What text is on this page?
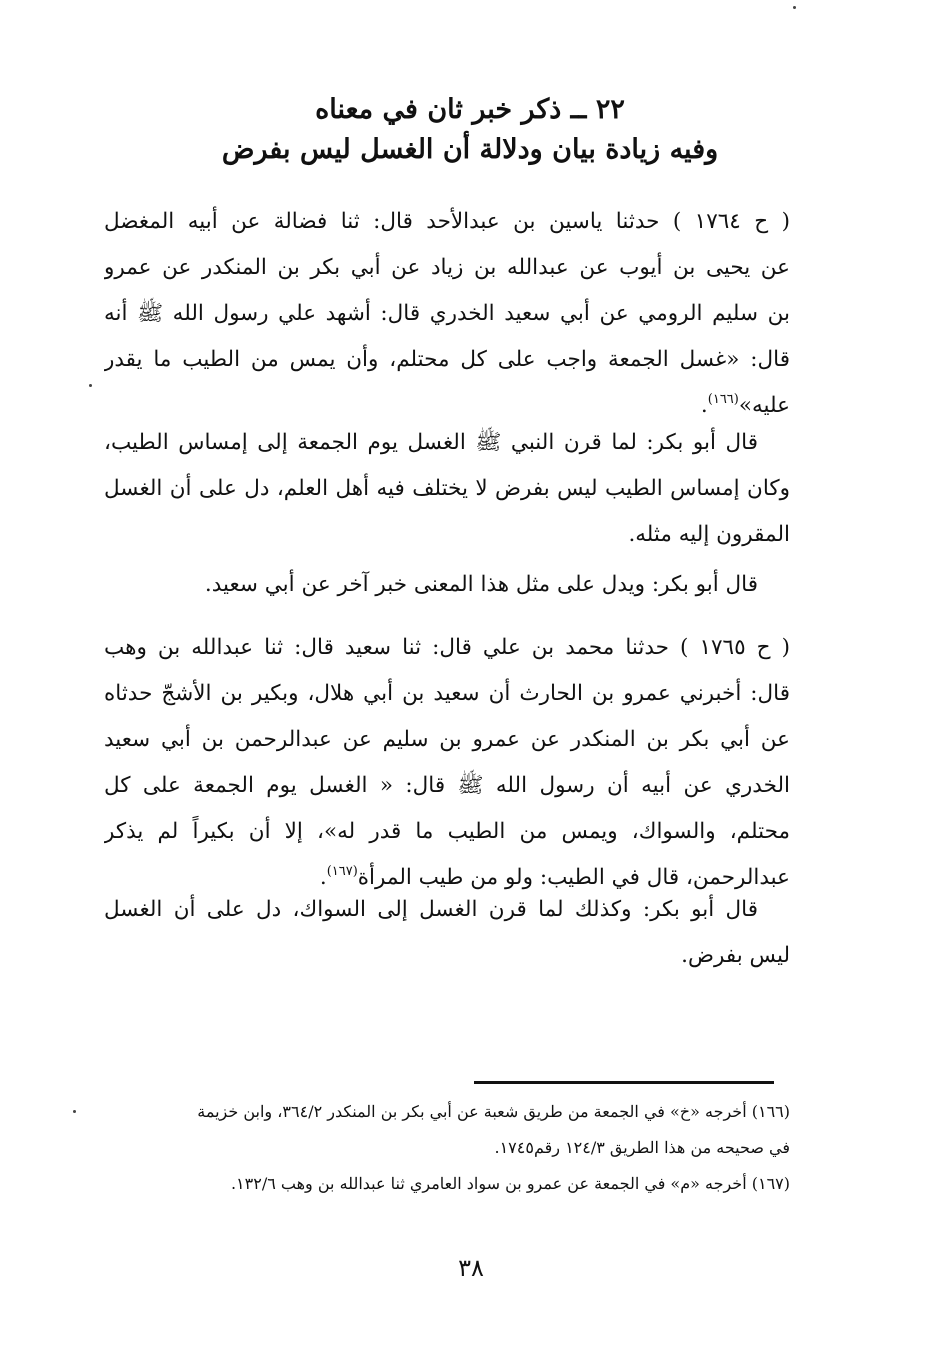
٢٢ ــ ذكر خبر ثان في معناه
وفيه زيادة بيان ودلالة أن الغسل ليس بفرض
( ح ١٧٦٤ ) حدثنا ياسين بن عبدالأحد قال: ثنا فضالة عن أبيه المغضل
عن يحيى بن أيوب عن عبدالله بن زياد عن أبي بكر بن المنكدر عن عمرو
بن سليم الرومي عن أبي سعيد الخدري قال: أشهد علي رسول الله ﷺ أنه
قال: «غسل الجمعة واجب على كل محتلم، وأن يمس من الطيب ما يقدر
عليه»$^{(١٦٦)}$.
قال أبو بكر: لما قرن النبي ﷺ الغسل يوم الجمعة إلى إمساس الطيب،
وكان إمساس الطيب ليس بفرض لا يختلف فيه أهل العلم، دل على أن الغسل
المقرون إليه مثله.
قال أبو بكر: ويدل على مثل هذا المعنى خبر آخر عن أبي سعيد.
( ح ١٧٦٥ ) حدثنا محمد بن علي قال: ثنا سعيد قال: ثنا عبدالله بن وهب
قال: أخبرني عمرو بن الحارث أن سعيد بن أبي هلال، وبكير بن الأشجّ حدثاه
عن أبي بكر بن المنكدر عن عمرو بن سليم عن عبدالرحمن بن أبي سعيد
الخدري عن أبيه أن رسول الله ﷺ قال: « الغسل يوم الجمعة على كل
محتلم، والسواك، ويمس من الطيب ما قدر له»، إلا أن بكيراً لم يذكر
عبدالرحمن، قال في الطيب: ولو من طيب المرأة$^{(١٦٧)}$.
قال أبو بكر: وكذلك لما قرن الغسل إلى السواك، دل على أن الغسل
ليس بفرض.
(١٦٦) أخرجه «خ» في الجمعة من طريق شعبة عن أبي بكر بن المنكدر ٣٦٤/٢، وابن خزيمة
في صحيحه من هذا الطريق ١٢٤/٣ رقم١٧٤٥.
(١٦٧) أخرجه «م» في الجمعة عن عمرو بن سواد العامري ثنا عبدالله بن وهب ١٣٢/٦.
٣٨
